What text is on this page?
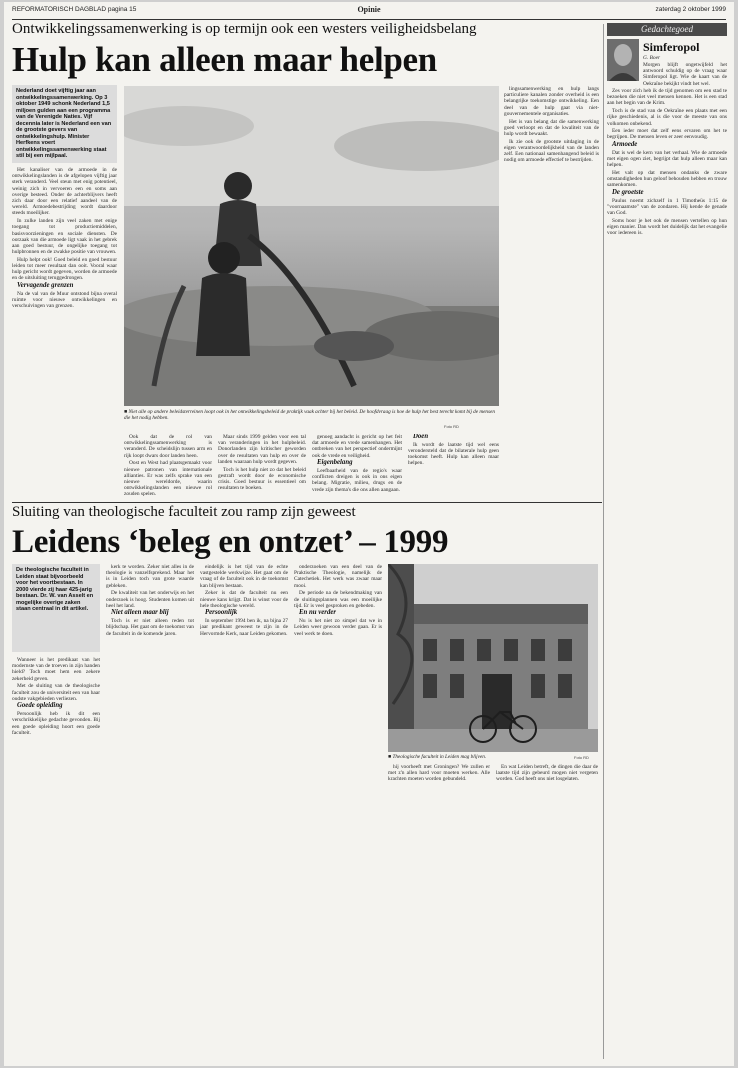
REFORMATORISCH DAGBLAD pagina 15	Opinie	zaterdag 2 oktober 1999
Ontwikkelingssamenwerking is op termijn ook een westers veiligheidsbelang
Hulp kan alleen maar helpen
Nederland doet vijftig jaar aan ontwikkelingssamenwerking. Op 3 oktober 1949 schonk Nederland 1,5 miljoen gulden aan een programma van de Verenigde Naties. Vijf decennia later is Nederland een van de grootste gevers van ontwikkelingshulp. Minister Herfkens voert ontwikkelingssamenwerking staat stil bij een mijlpaal.

Het kanaliser van de armoede in de ontwikkelingslanden is de afgelopen vijftig jaar sterk veranderd. Veel steun met enig potentieel, weinig zich in vervoeren een en soms aan overige besteed. Onder de achterblijvers heeft zich daar door een relatief aandeel van de wereld. Armoedebestrijding wordt daardoor steeds moeilijker.

In zulke landen zijn veel zaken met enige toegang tot productiemiddelen, basisvoorzieningen en sociale diensten. De oorzaak van die armoede ligt vaak in het gebrek aan goed bestuur, de ongelijke toegang tot hulpbronnen en de zwakke positie van vrouwen.

Hulp helpt ook! Goed beleid en goed bestuur leiden tot meer resultaat dan ooit. Vooral waar hulp gericht wordt gegeven, worden de armoede en de uitsluiting teruggedrongen.

Vervagende grenzen

Na de val van de Muur ontstond bijna overal ruimte voor nieuwe ontwikkelingen en verschuivingen van grenzen.

■ Niet alle op andere beleidsterreinen loopt ook in het ontwikkelingsbeleid de praktijk vaak achter bij het beleid. De hoofdvraag is hoe de hulp het best terecht komt bij de mensen die het nodig hebben.
Foto RD

Ook dat de rol van ontwikkelingssamenwerking is veranderd. De scheidslijn tussen arm en rijk loopt dwars door landen heen.

Oost en West had plaatsgemaakt voor nieuwe patronen van internationale allianties. Er was zelfs sprake van een nieuwe wereldorde, waarin ontwikkelingslanden een nieuwe rol zouden spelen.

Maar sinds 1999 gelden voor een tal van veranderingen in het hulpbeleid. Donorlanden zijn kritischer geworden over de resultaten van hulp en over de landen waaraan hulp wordt gegeven.

Toch is het hulp niet zo dat het beleid gestraft wordt door de economische crisis. Goed bestuur is essentieel om resultaten te boeken.

genoeg aandacht is gericht op het feit dat armoede en vrede samenhangen. Het ontbreken van het perspectief ondermijnt ook de vrede en veiligheid.

Eigenbelang

Leefbaarheid van de regio's waar conflicten dreigen is ook in ons eigen belang. Migratie, milieu, drugs en de vrede zijn thema's die ons allen aangaan.

Doen

Ik wordt de laatste tijd wel eens verondersteld dat de bilaterale hulp geen toekomst heeft. Hulp kan alleen maar helpen.

lingssamenwerking en hulp langs particuliere kanalen zonder overheid is een belangrijke toekomstige ontwikkeling. Een deel van de hulp gaat via niet-gouvernementele organisaties.

Het is van belang dat die samenwerking goed verloopt en dat de kwaliteit van de hulp wordt bewaakt.

Ik zie ook de grootste uitdaging in de eigen verantwoordelijkheid van de landen zelf. Een nationaal samenhangend beleid is nodig om armoede effectief te bestrijden.

Gedachtegoed
Simferopol
G. Boer
Morgen blijft ongetwijfeld het antwoord schuldig op de vraag waar Simferopol ligt. Wie de kaart van de Oekraïne bekijkt vindt het wel.

Zes voor zich heb ik de tijd genomen om een stad te bezoeken die niet veel mensen kennen. Het is een stad aan het begin van de Krim.

Toch is de stad van de Oekraïne een plaats met een rijke geschiedenis, al is die voor de meeste van ons volkomen onbekend.

Een ieder moet dat zelf eens ervaren om het te begrijpen. De mensen leven er zeer eenvoudig.

Armoede

Dat is wel de kern van het verhaal. Wie de armoede met eigen ogen ziet, begrijpt dat hulp alleen maar kan helpen.

Het valt op dat mensen ondanks de zware omstandigheden hun geloof behouden hebben en trouw samenkomen.

De groetste

Paulus noemt zichzelf in 1 Timotheüs 1:15 de "voornaamste" van de zondaren. Hij kende de genade van God.

Soms hoor je het ook de mensen vertellen op hun eigen manier. Dan wordt het duidelijk dat het evangelie voor iedereen is.

Sluiting van theologische faculteit zou ramp zijn geweest
Leidens ‘beleg en ontzet’ – 1999
De theologische faculteit in Leiden staat bijvoorbeeld voor het voortbestaan. In 2000 vierde zij haar 425-jarig bestaan. Dr. W. van Asselt en mogelijke overige zaken staan centraal in dit artikel.

Wanneer is het predikaat van het modernste van de troeven in zijn handen hield? Toch moet hem een zekere zekerheid geven.

Met de sluiting van de theologische faculteit zou de universiteit een van haar oudste vakgebieden verliezen.

Goede opleiding

Persoonlijk heb ik dit een verschrikkelijke gedachte gevonden. Bij een goede opleiding hoort een goede faculteit.

kerk te worden. Zeker niet alles in de theologie is vanzelfsprekend. Maar het is in Leiden toch van grote waarde gebleken.

De kwaliteit van het onderwijs en het onderzoek is hoog. Studenten komen uit heel het land.

Niet alleen maar blij

Toch is er niet alleen reden tot blijdschap. Het gaat om de toekomst van de faculteit in de komende jaren.

eindelijk is het tijd van de echte vastgestelde werkwijze. Het gaat om de vraag of de faculteit ook in de toekomst kan blijven bestaan.

Zeker is dat de faculteit nu een nieuwe kans krijgt. Dat is winst voor de hele theologische wereld.

Persoonlijk

In september 1994 ben ik, na bijna 27 jaar predikant geweest te zijn in de Hervormde Kerk, naar Leiden gekomen.

onderzoeken van een deel van de Praktische Theologie, namelijk de Catechetiek. Het werk was zwaar maar mooi.

De periode na de bekendmaking van de sluitingsplannen was een moeilijke tijd. Er is veel gesproken en gebeden.

En nu verder

Nu is het niet zo simpel dat we in Leiden weer gewoon verder gaan. Er is veel werk te doen.

■ Theologische faculteit in Leiden mag blijven.	Foto RD

hij voorheeft met Groningen? We zullen er met z'n allen hard voor moeten werken. Alle krachten moeten worden gebundeld.

En wat Leiden betreft, de dingen die daar de laatste tijd zijn gebeurd mogen niet vergeten worden. God heeft ons niet losgelaten.
